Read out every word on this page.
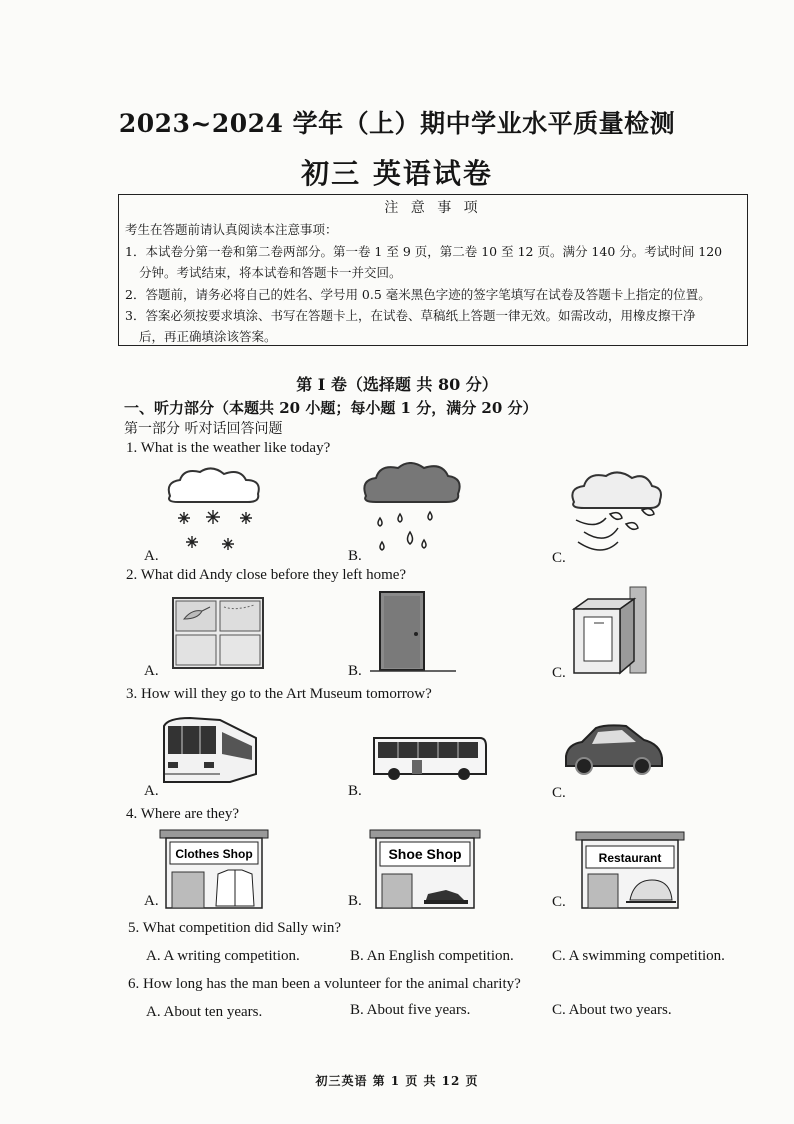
2023~2024 学年（上）期中学业水平质量检测
初三 英语试卷
注 意 事 项
考生在答题前请认真阅读本注意事项：
1．本试卷分第一卷和第二卷两部分。第一卷 1 至 9 页，第二卷 10 至 12 页。满分 140 分。考试时间 120
分钟。考试结束，将本试卷和答题卡一并交回。
2．答题前，请务必将自己的姓名、学号用 0.5 毫米黑色字迹的签字笔填写在试卷及答题卡上指定的位置。
3．答案必须按要求填涂、书写在答题卡上，在试卷、草稿纸上答题一律无效。如需改动，用橡皮擦干净
后，再正确填涂该答案。
第 I 卷（选择题 共 80 分）
一、听力部分（本题共 20 小题；每小题 1 分，满分 20 分）
第一部分 听对话回答问题
1. What is the weather like today?
A.	B.	C.
2. What did Andy close before they left home?
A.	B.	C.
3. How will they go to the Art Museum tomorrow?
A.	B.	C.
4. Where are they?
Clothes Shop
A.
Shoe Shop
B.
Restaurant
C.
5. What competition did Sally win?
A. A writing competition.	B. An English competition.	C. A swimming competition.
6. How long has the man been a volunteer for the animal charity?
A. About ten years.	B. About five years.	C. About two years.
初三英语 第 1 页 共 12 页
